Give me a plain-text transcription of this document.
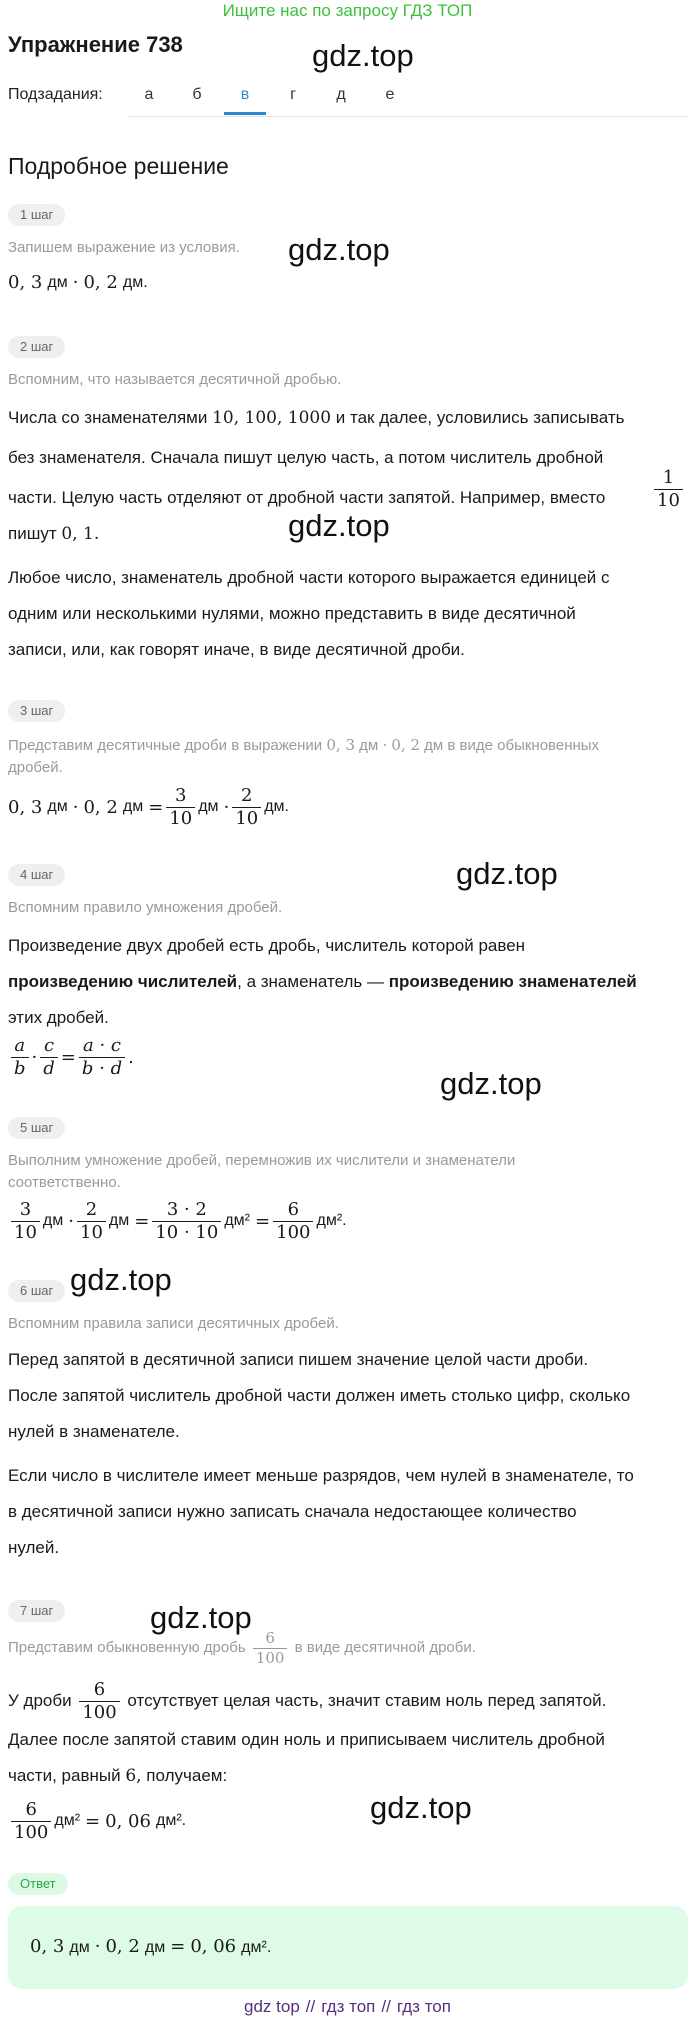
Ищите нас по запросу ГДЗ ТОП
Упражнение 738	gdz.top
Подзадания:	а	б	в	г	д	е
Подробное решение
1 шаг
gdz.top
Запишем выражение из условия.
0, 3
дм
·
0, 2
дм.
2 шаг
Вспомним, что называется десятичной дробью.
Числа со знаменателями 10, 100, 1000 и так далее, условились записывать
без знаменателя. Сначала пишут целую часть, а потом числитель дробной
части. Целую часть отделяют от дробной части запятой. Например, вместо	$\frac{1}{10}$
пишут 0, 1.	gdz.top
Любое число, знаменатель дробной части которого выражается единицей с
одним или несколькими нулями, можно представить в виде десятичной
записи, или, как говорят иначе, в виде десятичной дроби.
3 шаг
Представим десятичные дроби в выражении 0, 3 дм · 0, 2 дм в виде обыкновенных
дробей.
0, 3
дм
·
0, 2
дм
= $\frac{3}{10}$ дм
· $\frac{2}{10}$ дм.
4 шаг	gdz.top
Вспомним правило умножения дробей.
Произведение двух дробей есть дробь, числитель которой равен
произведению числителей, а знаменатель — произведению знаменателей
этих дробей.
$\frac{a}{b} \cdot \frac{c}{d} = \frac{a \cdot c}{b \cdot d}$ .
gdz.top
5 шаг
Выполним умножение дробей, перемножив их числители и знаменатели
соответственно.
$\frac{3}{10}$ дм
· $\frac{2}{10}$ дм
= $\frac{3 \cdot 2}{10 \cdot 10} дм^2$
= $\frac{6}{100} дм^2$.
6 шаг gdz.top
Вспомним правила записи десятичных дробей.
Перед запятой в десятичной записи пишем значение целой части дроби.
После запятой числитель дробной части должен иметь столько цифр, сколько
нулей в знаменателе.
Если число в числителе имеет меньше разрядов, чем нулей в знаменателе, то
в десятичной записи нужно записать сначала недостающее количество
нулей.
7 шаг	gdz.top
Представим обыкновенную дробь
$\frac{6}{100}$
в виде десятичной дроби.
У дроби
$\frac{6}{100}$
отсутствует целая часть, значит ставим ноль перед запятой.
Далее после запятой ставим один ноль и приписываем числитель дробной
части, равный 6, получаем:
$\frac{6}{100} дм^2$
=
0, 06
дм².	gdz.top
Ответ
0, 3 дм · 0, 2 дм = 0, 06 дм².
gdz top // гдз топ // гдз топ
